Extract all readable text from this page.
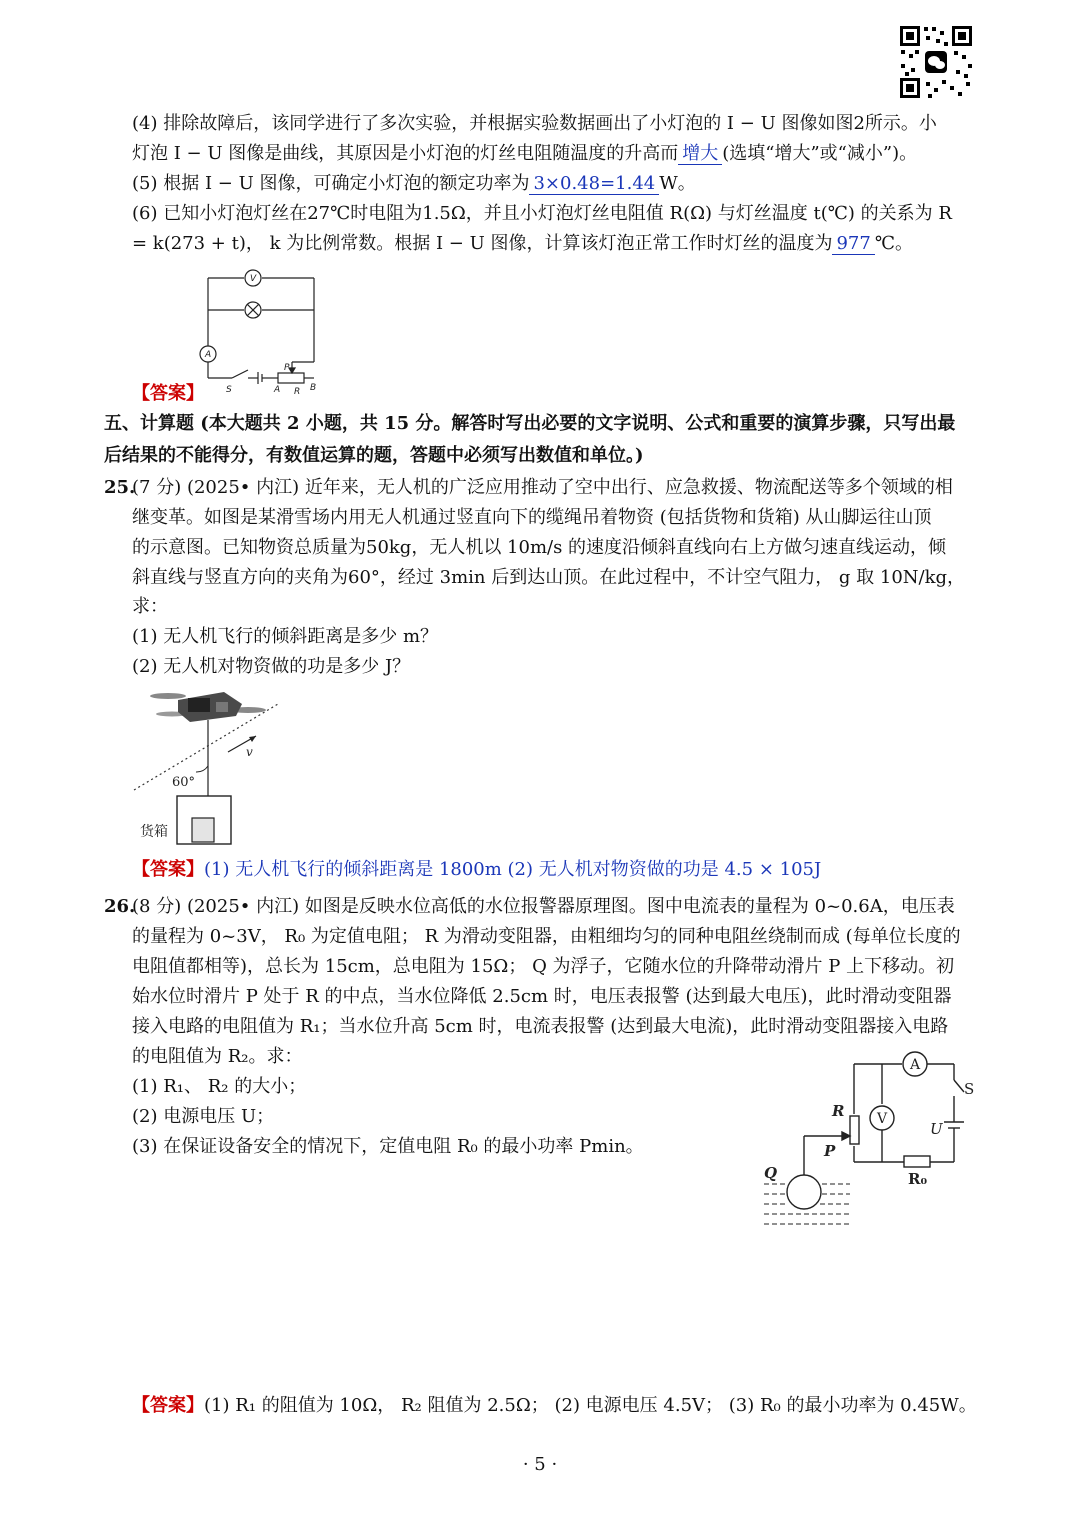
(4) 排除故障后，该同学进行了多次实验，并根据实验数据画出了小灯泡的 I − U 图像如图2所示。小
灯泡 I − U 图像是曲线，其原因是小灯泡的灯丝电阻随温度的升高而 增大 (选填“增大”或“减小”)。
(5) 根据 I − U 图像，可确定小灯泡的额定功率为 3×0.48=1.44 W。
(6) 已知小灯泡灯丝在27℃时电阻为1.5Ω，并且小灯泡灯丝电阻值 R(Ω) 与灯丝温度 t(℃) 的关系为 R
= k(273 + t)， k 为比例常数。根据 I − U 图像，计算该灯泡正常工作时灯丝的温度为 977 ℃。
V
A
S
P
A R B
【答案】
五、计算题 (本大题共 2 小题，共 15 分。解答时写出必要的文字说明、公式和重要的演算步骤，只写出最
后结果的不能得分，有数值运算的题，答题中必须写出数值和单位。)
25.
(7 分) (2025• 内江) 近年来，无人机的广泛应用推动了空中出行、应急救援、物流配送等多个领域的相
继变革。如图是某滑雪场内用无人机通过竖直向下的缆绳吊着物资 (包括货物和货箱) 从山脚运往山顶
的示意图。已知物资总质量为50kg，无人机以 10m/s 的速度沿倾斜直线向右上方做匀速直线运动，倾
斜直线与竖直方向的夹角为60°，经过 3min 后到达山顶。在此过程中，不计空气阻力， g 取 10N/kg，
求：
(1) 无人机飞行的倾斜距离是多少 m？
(2) 无人机对物资做的功是多少 J？
v
60°
货箱
【答案】(1) 无人机飞行的倾斜距离是 1800m (2) 无人机对物资做的功是 4.5 × 105J
26.
(8 分) (2025• 内江) 如图是反映水位高低的水位报警器原理图。图中电流表的量程为 0~0.6A，电压表
的量程为 0~3V， R₀ 为定值电阻； R 为滑动变阻器，由粗细均匀的同种电阻丝绕制而成 (每单位长度的
电阻值都相等)，总长为 15cm，总电阻为 15Ω； Q 为浮子，它随水位的升降带动滑片 P 上下移动。初
始水位时滑片 P 处于 R 的中点，当水位降低 2.5cm 时，电压表报警 (达到最大电压)，此时滑动变阻器
接入电路的电阻值为 R₁；当水位升高 5cm 时，电流表报警 (达到最大电流)，此时滑动变阻器接入电路
的电阻值为 R₂。求：
(1) R₁、 R₂ 的大小；
(2) 电源电压 U；
(3) 在保证设备安全的情况下，定值电阻 R₀ 的最小功率 Pmin。
A
V
S
R
U
P
R₀
Q
【答案】(1) R₁ 的阻值为 10Ω， R₂ 阻值为 2.5Ω； (2) 电源电压 4.5V； (3) R₀ 的最小功率为 0.45W。
· 5 ·
